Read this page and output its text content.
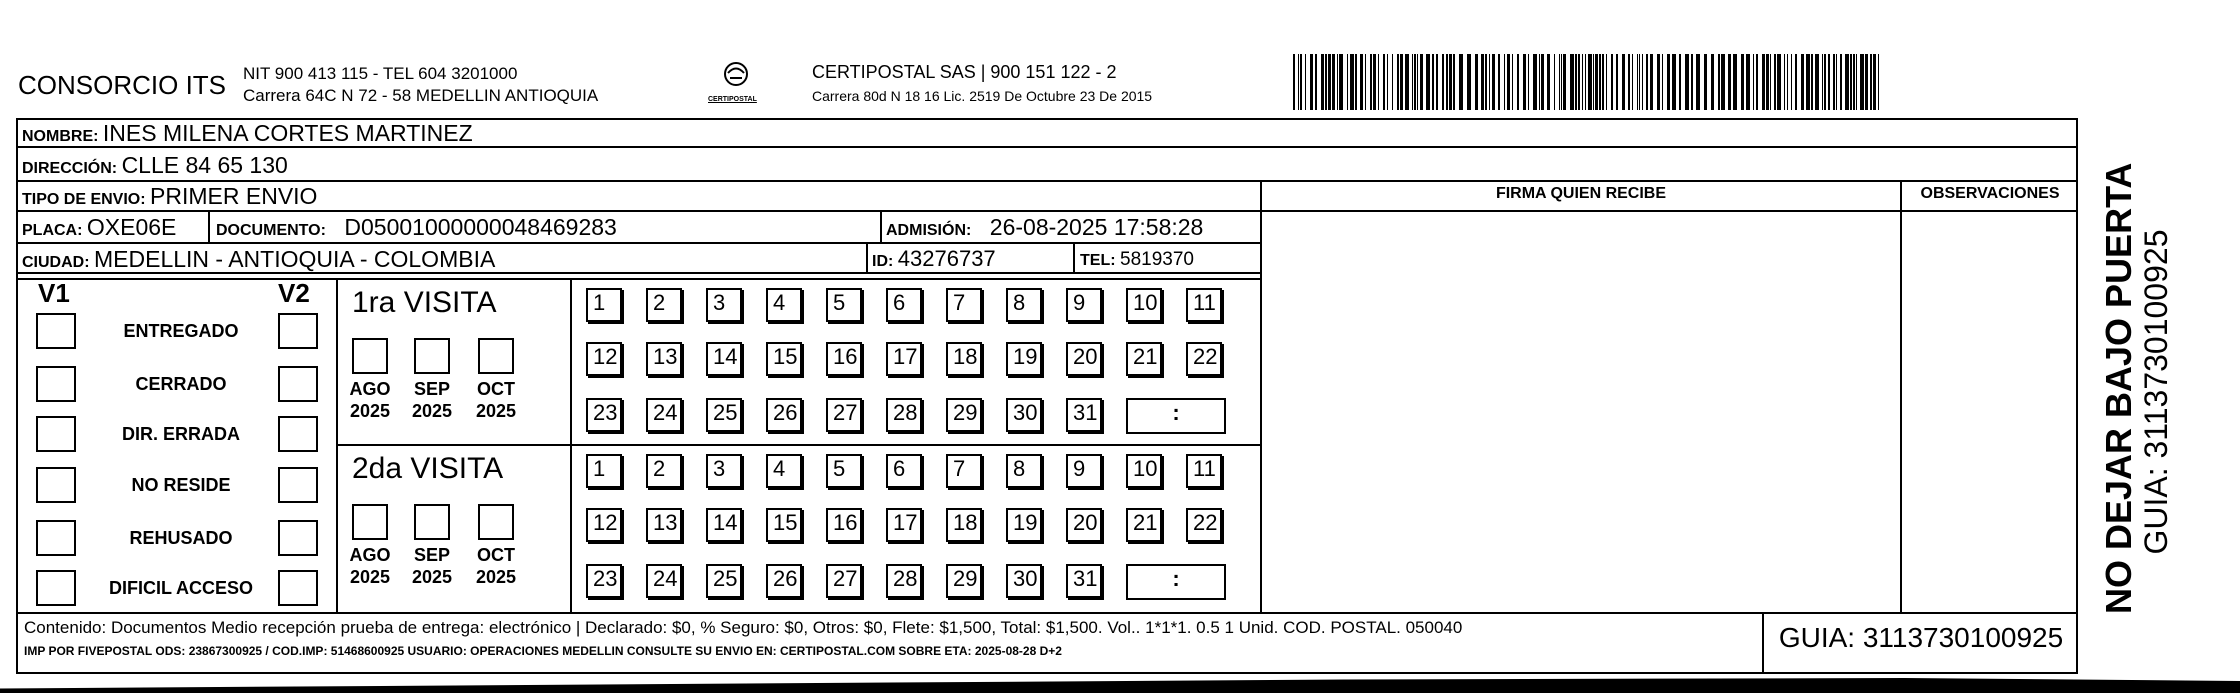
CONSORCIO ITS NIT 900 413 115 - TEL 604 3201000
Carrera 64C N 72 - 58 MEDELLIN ANTIOQUIA	CERTIPOSTAL
CERTIPOSTAL SAS | 900 151 122 - 2
Carrera 80d N 18 16 Lic. 2519 De Octubre 23 De 2015
NOMBRE: INES MILENA CORTES MARTINEZ
DIRECCIÓN: CLLE 84 65 130
TIPO DE ENVIO: PRIMER ENVIO
PLACA: OXE06E DOCUMENTO: D05001000000048469283	ADMISIÓN: 26-08-2025 17:58:28
CIUDAD: MEDELLIN - ANTIOQUIA - COLOMBIA	ID: 43276737	TEL: 5819370
FIRMA QUIEN RECIBE	OBSERVACIONES
V1	V2
ENTREGADO
CERRADO
DIR. ERRADA
NO RESIDE
REHUSADO
DIFICIL ACCESO
1ra VISITA
AGO
2025
SEP
2025
OCT
2025
1	2	3	4	5	6	7	8	9	10	11
12	13	14	15	16	17	18	19	20	21	22
23	24	25	26	27	28	29	30	31	:
2da VISITA
AGO
2025
SEP
2025
OCT
2025
1	2	3	4	5	6	7	8	9	10	11
12	13	14	15	16	17	18	19	20	21	22
23	24	25	26	27	28	29	30	31	:
Contenido: Documentos Medio recepción prueba de entrega: electrónico | Declarado: $0, % Seguro: $0, Otros: $0, Flete: $1,500, Total: $1,500. Vol.. 1*1*1. 0.5 1 Unid. COD. POSTAL. 050040
IMP POR FIVEPOSTAL ODS: 23867300925 / COD.IMP: 51468600925 USUARIO: OPERACIONES MEDELLIN CONSULTE SU ENVIO EN: CERTIPOSTAL.COM SOBRE ETA: 2025-08-28 D+2	GUIA: 3113730100925
NO DEJAR BAJO PUERTA GUIA: 3113730100925
